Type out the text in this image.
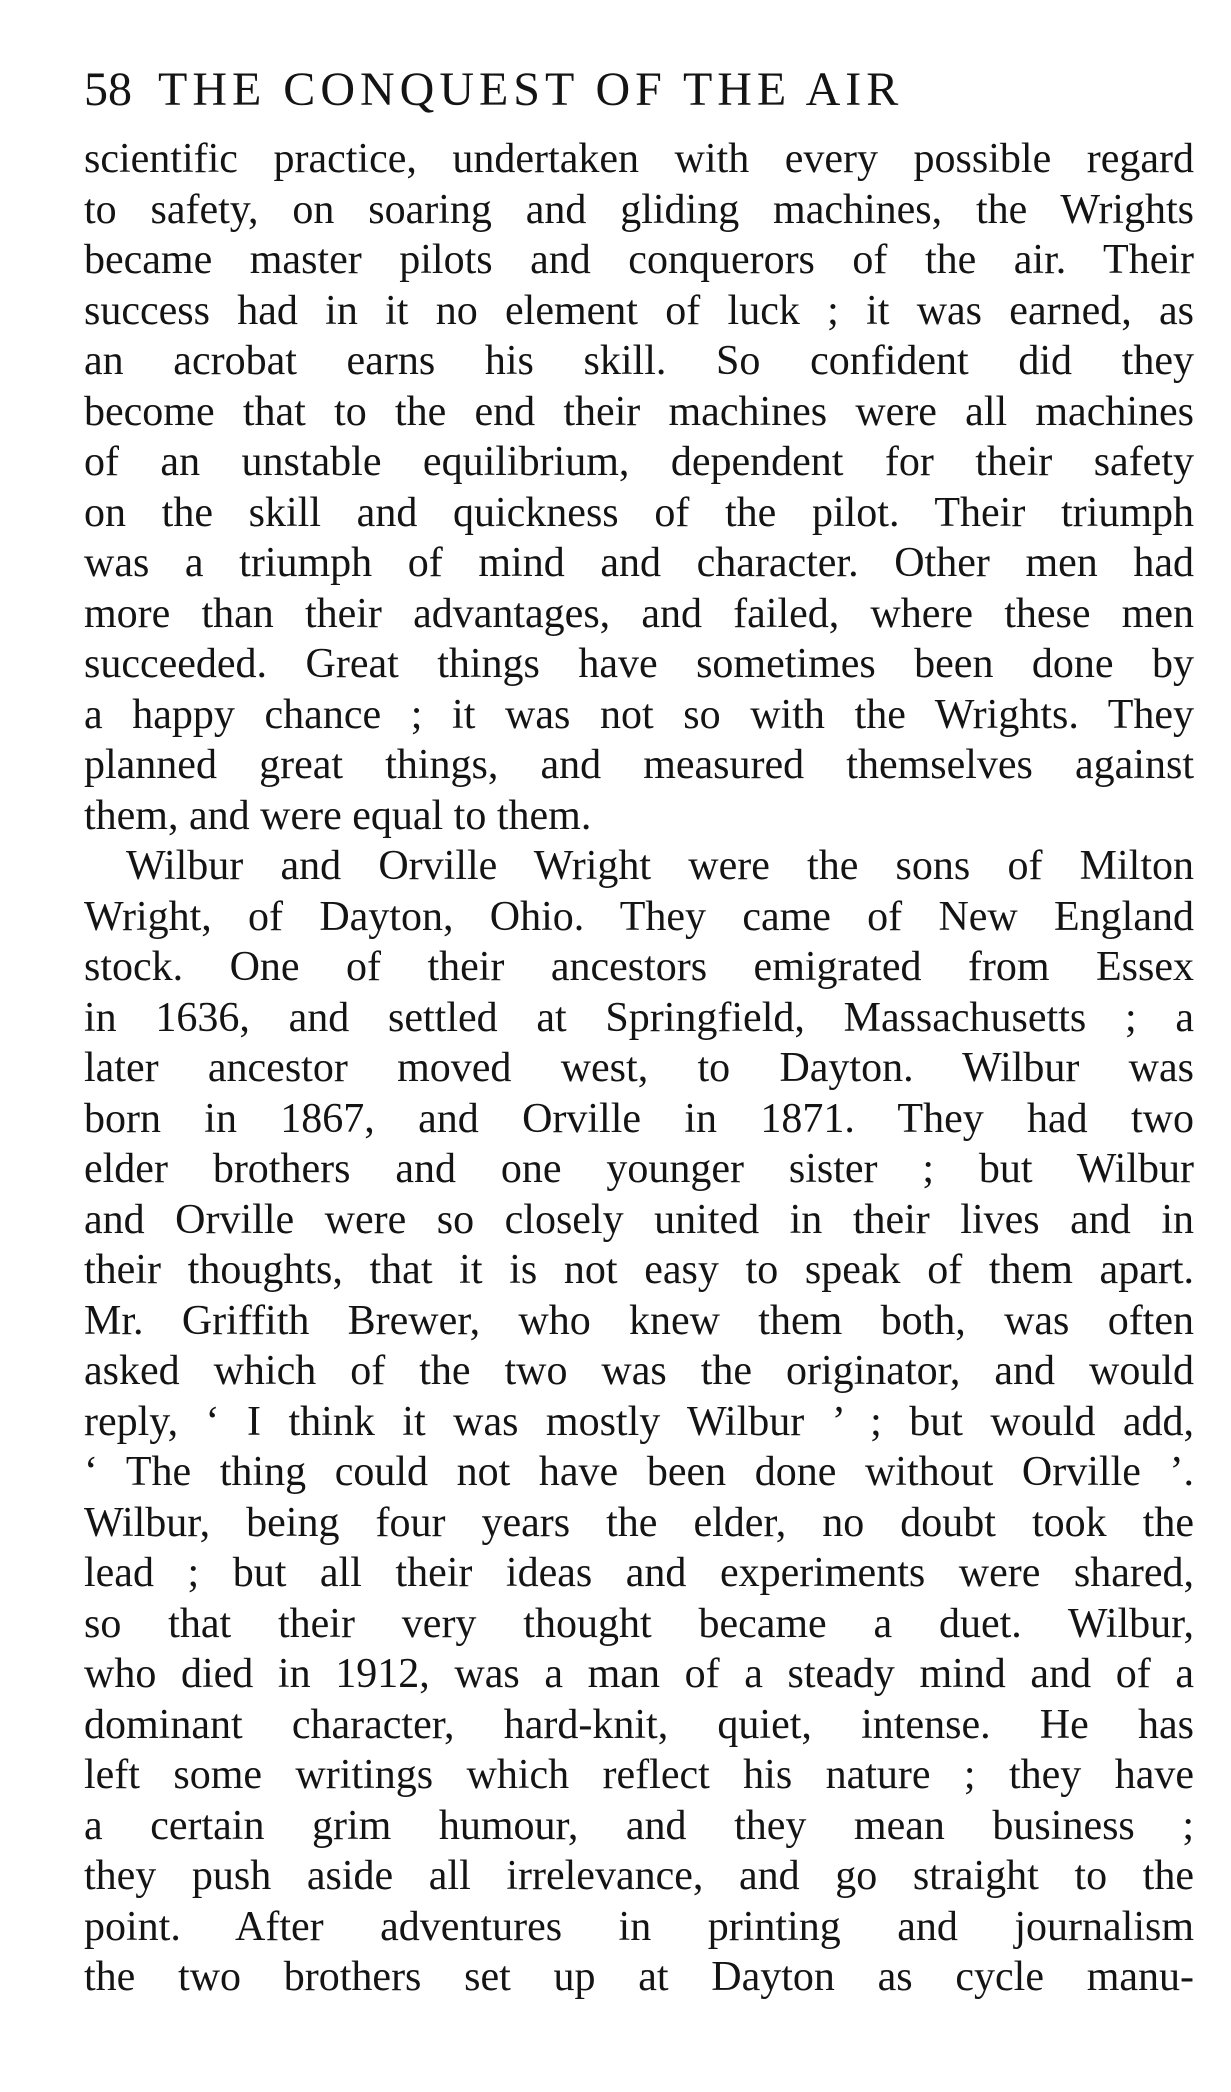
58 THE CONQUEST OF THE AIR
scientific practice, undertaken with every possible regard
to safety, on soaring and gliding machines, the Wrights
became master pilots and conquerors of the air. Their
success had in it no element of luck ; it was earned, as
an acrobat earns his skill. So confident did they
become that to the end their machines were all machines
of an unstable equilibrium, dependent for their safety
on the skill and quickness of the pilot. Their triumph
was a triumph of mind and character. Other men had
more than their advantages, and failed, where these men
succeeded. Great things have sometimes been done by
a happy chance ; it was not so with the Wrights. They
planned great things, and measured themselves against
them, and were equal to them.
Wilbur and Orville Wright were the sons of Milton
Wright, of Dayton, Ohio. They came of New England
stock. One of their ancestors emigrated from Essex
in 1636, and settled at Springfield, Massachusetts ; a
later ancestor moved west, to Dayton. Wilbur was
born in 1867, and Orville in 1871. They had two
elder brothers and one younger sister ; but Wilbur
and Orville were so closely united in their lives and in
their thoughts, that it is not easy to speak of them apart.
Mr. Griffith Brewer, who knew them both, was often
asked which of the two was the originator, and would
reply, ‘ I think it was mostly Wilbur ’ ; but would add,
‘ The thing could not have been done without Orville ’.
Wilbur, being four years the elder, no doubt took the
lead ; but all their ideas and experiments were shared,
so that their very thought became a duet. Wilbur,
who died in 1912, was a man of a steady mind and of a
dominant character, hard-knit, quiet, intense. He has
left some writings which reflect his nature ; they have
a certain grim humour, and they mean business ;
they push aside all irrelevance, and go straight to the
point. After adventures in printing and journalism
the two brothers set up at Dayton as cycle manu-
